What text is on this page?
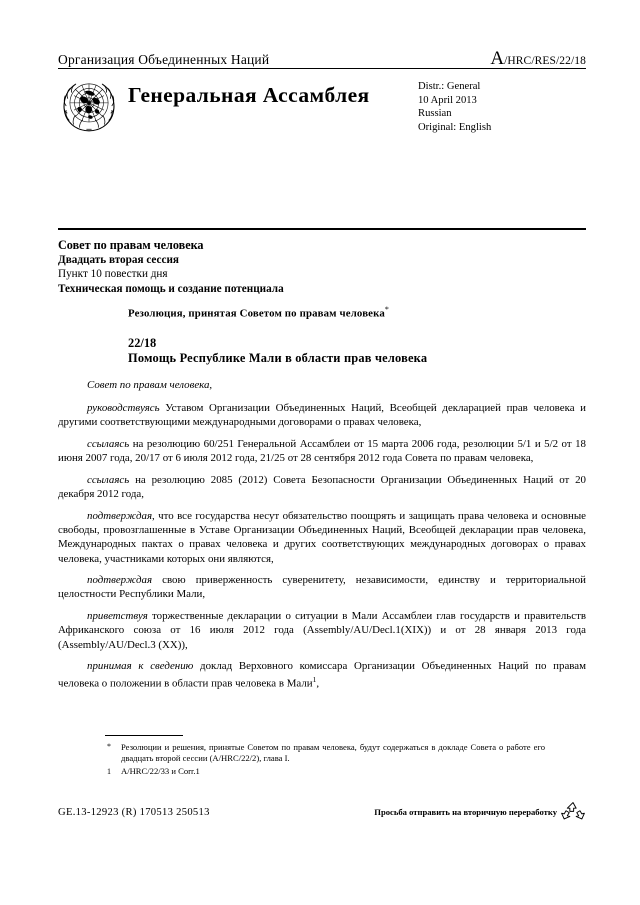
Организация Объединенных Наций	A/HRC/RES/22/18
Генеральная Ассамблея	Distr.: General
10 April 2013
Russian
Original: English
Совет по правам человека
Двадцать вторая сессия
Пункт 10 повестки дня
Техническая помощь и создание потенциала
Резолюция, принятая Советом по правам человека*
22/18
Помощь Республике Мали в области прав человека

Совет по правам человека,

руководствуясь Уставом Организации Объединенных Наций, Всеобщей декларацией прав человека и другими соответствующими международными договорами о правах человека,

ссылаясь на резолюцию 60/251 Генеральной Ассамблеи от 15 марта 2006 года, резолюции 5/1 и 5/2 от 18 июня 2007 года, 20/17 от 6 июля 2012 года, 21/25 от 28 сентября 2012 года Совета по правам человека,

ссылаясь на резолюцию 2085 (2012) Совета Безопасности Организации Объединенных Наций от 20 декабря 2012 года,

подтверждая, что все государства несут обязательство поощрять и защищать права человека и основные свободы, провозглашенные в Уставе Организации Объединенных Наций, Всеобщей декларации прав человека, Международных пактах о правах человека и других соответствующих международных договорах о правах человека, участниками которых они являются,

подтверждая свою приверженность суверенитету, независимости, единству и территориальной целостности Республики Мали,

приветствуя торжественные декларации о ситуации в Мали Ассамблеи глав государств и правительств Африканского союза от 16 июля 2012 года (Assembly/AU/Decl.1(XIX)) и от 28 января 2013 года (Assembly/AU/Decl.3 (XX)),

принимая к сведению доклад Верховного комиссара Организации Объединенных Наций по правам человека о положении в области прав человека в Мали$^1$,

* Резолюции и решения, принятые Советом по правам человека, будут содержаться в докладе Совета о работе его двадцать второй сессии (A/HRC/22/2), глава I.
1 A/HRC/22/33 и Corr.1
GE.13-12923 (R) 170513 250513	Просьба отправить на вторичную переработку
